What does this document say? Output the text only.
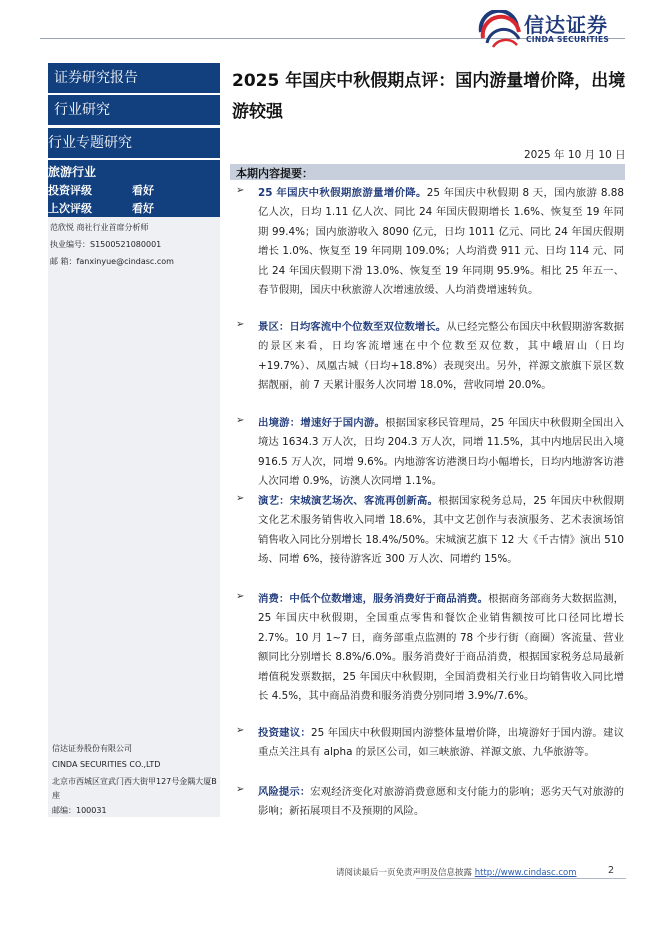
信达证券
CINDA SECURITIES
证券研究报告
行业研究
行业专题研究
旅游行业
投资评级	看好
上次评级	看好
范欣悦 商社行业首席分析师
执业编号：S1500521080001
邮 箱：fanxinyue@cindasc.com
信达证券股份有限公司
CINDA SECURITIES CO.,LTD
北京市西城区宣武门西大街甲127号金隅大厦B
座
邮编：100031
2025 年国庆中秋假期点评：国内游量增价降，出境游较强
2025 年 10 月 10 日
本期内容提要：
➢ 25 年国庆中秋假期旅游量增价降。25 年国庆中秋假期 8 天，国内旅游 8.88 亿人次，日均 1.11 亿人次、同比 24 年国庆假期增长 1.6%、恢复至 19 年同期 99.4%；国内旅游收入 8090 亿元，日均 1011 亿元、同比 24 年国庆假期增长 1.0%、恢复至 19 年同期 109.0%；人均消费 911 元、日均 114 元、同比 24 年国庆假期下滑 13.0%、恢复至 19 年同期 95.9%。相比 25 年五一、春节假期，国庆中秋旅游人次增速放缓、人均消费增速转负。
➢ 景区：日均客流中个位数至双位数增长。从已经完整公布国庆中秋假期游客数据的景区来看，日均客流增速在中个位数至双位数，其中峨眉山（日均+19.7%）、凤凰古城（日均+18.8%）表现突出。另外，祥源文旅旗下景区数据靓丽，前 7 天累计服务人次同增 18.0%，营收同增 20.0%。
➢ 出境游：增速好于国内游。根据国家移民管理局，25 年国庆中秋假期全国出入境达 1634.3 万人次，日均 204.3 万人次，同增 11.5%，其中内地居民出入境 916.5 万人次，同增 9.6%。内地游客访港澳日均小幅增长，日均内地游客访港人次同增 0.9%，访澳人次同增 1.1%。
➢ 演艺：宋城演艺场次、客流再创新高。根据国家税务总局，25 年国庆中秋假期文化艺术服务销售收入同增 18.6%，其中文艺创作与表演服务、艺术表演场馆销售收入同比分别增长 18.4%/50%。宋城演艺旗下 12 大《千古情》演出 510 场、同增 6%，接待游客近 300 万人次、同增约 15%。
➢ 消费：中低个位数增速，服务消费好于商品消费。根据商务部商务大数据监测，25 年国庆中秋假期，全国重点零售和餐饮企业销售额按可比口径同比增长 2.7%。10 月 1~7 日，商务部重点监测的 78 个步行街（商圈）客流量、营业额同比分别增长 8.8%/6.0%。服务消费好于商品消费，根据国家税务总局最新增值税发票数据，25 年国庆中秋假期，全国消费相关行业日均销售收入同比增长 4.5%，其中商品消费和服务消费分别同增 3.9%/7.6%。
➢ 投资建议：25 年国庆中秋假期国内游整体量增价降，出境游好于国内游。建议重点关注具有 alpha 的景区公司，如三峡旅游、祥源文旅、九华旅游等。
➢ 风险提示：宏观经济变化对旅游消费意愿和支付能力的影响；恶劣天气对旅游的影响；新拓展项目不及预期的风险。
请阅读最后一页免责声明及信息披露 http://www.cindasc.com	2
